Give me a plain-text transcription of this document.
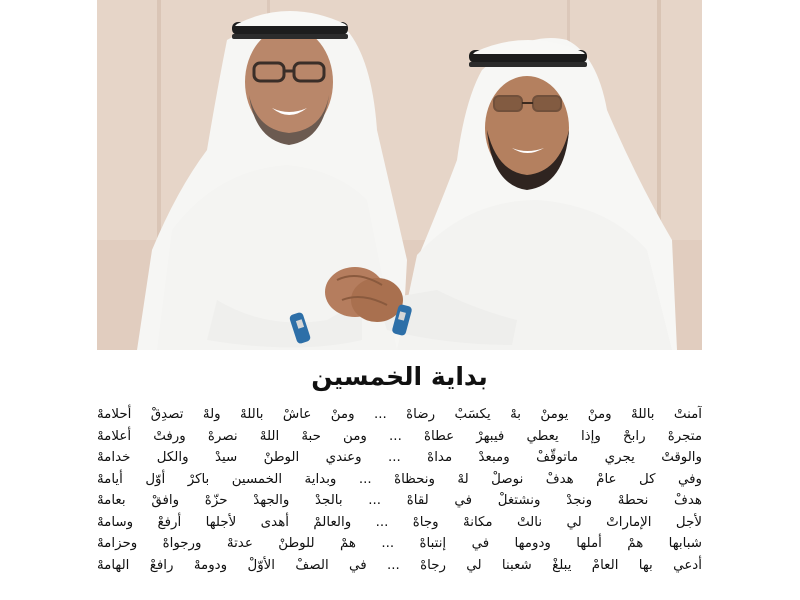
بداية الخمسين
آمنتْ باللهْ ومنْ يومنْ بهْ يكسَبْ رضاهْ ... ومنْ عاشْ باللهْ ولهْ تصدِقْ أحلامهْ
متجرهْ رابحْ وإذا يعطي فيبهرْ عطاهْ ... ومن حبهْ اللهْ نصرهْ ورفتْ أعلامهْ
والوقتْ يجري ماتوقّفْ ومبعدْ مداهْ ... وعندي الوطنْ سيدْ والكل خدامهْ
وفي كل عامْ هدفْ نوصلْ لهْ ونحظاهْ ... وبداية الخمسين باكرْ أوّل أيامهْ
هدفْ نحطهْ ونجدْ ونشتغلْ في لقاهْ ... بالجدْ والجهدْ حزّهْ وافقْ بعامهْ
لأجل الإماراتْ لي نالتْ مكانهْ وجاهْ ... والعالمْ أهدى لأجلها أرفعْ وسامهْ
شبابها همْ أملها ودومها في إنتباهْ ... همْ للوطنْ عدتهْ ورجواهْ وحزامهْ
أدعي بها العامْ يبلغْ شعبنا لي رجاهْ ... في الصفْ الأوّلْ ودومهْ رافعْ الهامهْ
